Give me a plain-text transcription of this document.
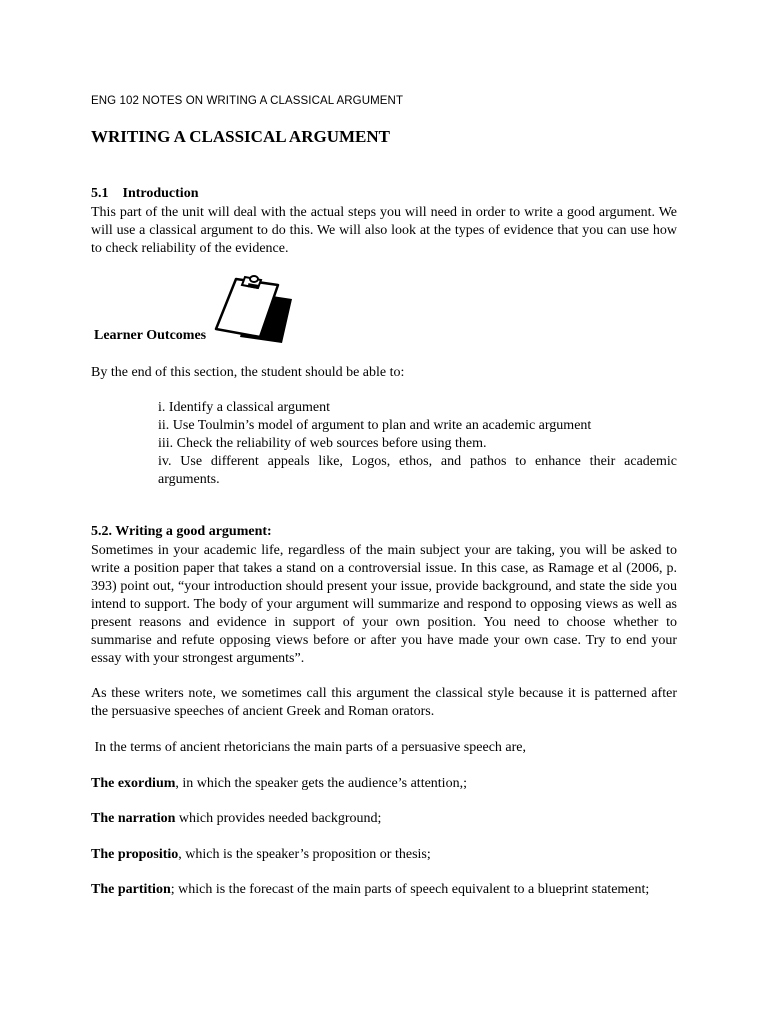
ENG 102 NOTES ON WRITING A CLASSICAL ARGUMENT
WRITING A CLASSICAL ARGUMENT
5.1    Introduction
This part of the unit will deal with the actual steps you will need in order to write a good argument. We will use a classical argument to do this. We will also look at the types of evidence that you can use how to check reliability of the evidence.
Learner Outcomes
By the end of this section, the student should be able to:
i. Identify a classical argument
ii. Use Toulmin’s model of argument to plan and write an academic argument
iii. Check the reliability of web sources before using them.
iv. Use different appeals like, Logos, ethos, and pathos to enhance their academic arguments.
5.2. Writing a good argument:
Sometimes in your academic life, regardless of the main subject your are taking, you will be asked to write a position paper that takes a stand on a controversial issue. In this case, as Ramage et al (2006, p. 393) point out, “your introduction should present your issue, provide background, and state the side you intend to support. The body of your argument will summarize and respond to opposing views as well as present reasons and evidence in support of your own position. You need to choose whether to summarise and refute opposing views before or after you have made your own case. Try to end your essay with your strongest arguments”.
As these writers note, we sometimes call this argument the classical style because it is patterned after the persuasive speeches of ancient Greek and Roman orators.
In the terms of ancient rhetoricians the main parts of a persuasive speech are,
The exordium, in which the speaker gets the audience’s attention,;
The narration which provides needed background;
The propositio, which is the speaker’s proposition or thesis;
The partition; which is the forecast of the main parts of speech equivalent to a blueprint statement;
